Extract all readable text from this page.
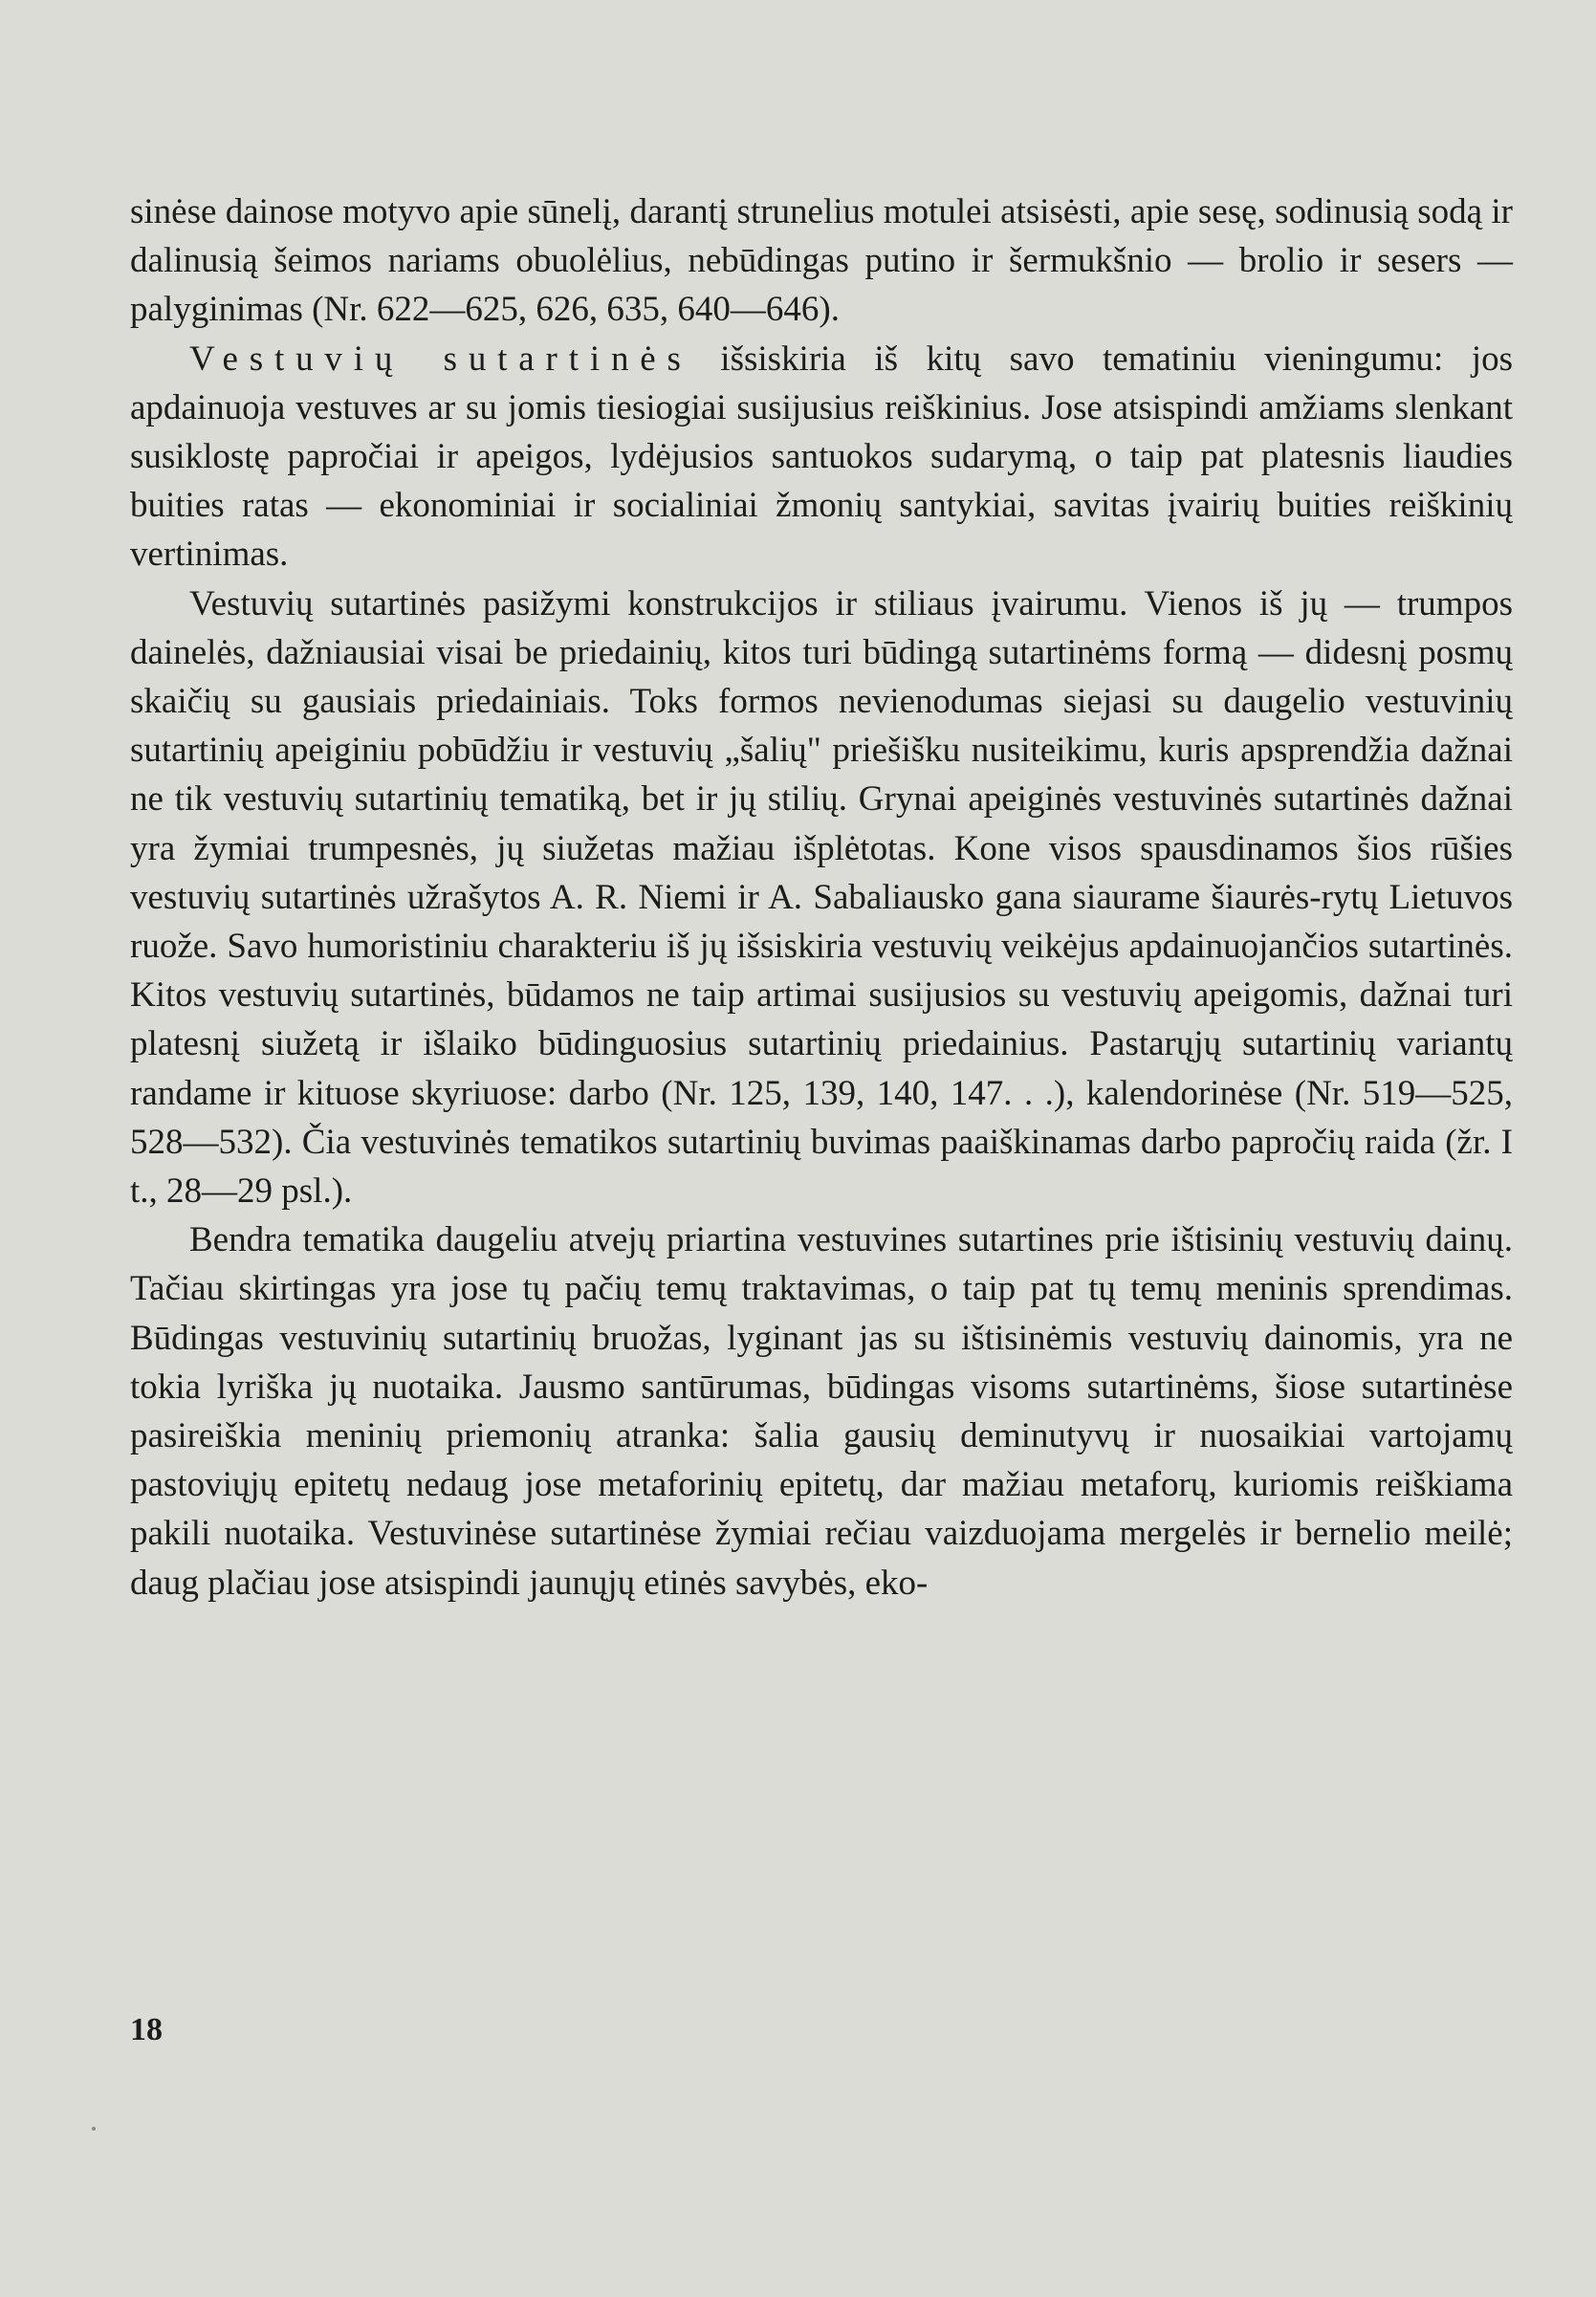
sinėse dainose motyvo apie sūnelį, darantį strunelius motulei atsisėsti, apie sesę, sodinusią sodą ir dalinusią šeimos nariams obuolėlius, nebūdingas putino ir šermukšnio — brolio ir sesers — palyginimas (Nr. 622—625, 626, 635, 640—646).

Vestuvių sutartinės išsiskiria iš kitų savo tematiniu vieningumu: jos apdainuoja vestuves ar su jomis tiesiogiai susijusius reiškinius. Jose atsispindi amžiams slenkant susiklostę papročiai ir apeigos, lydėjusios santuokos sudarymą, o taip pat platesnis liaudies buities ratas — ekonominiai ir socialiniai žmonių santykiai, savitas įvairių buities reiškinių vertinimas.

Vestuvių sutartinės pasižymi konstrukcijos ir stiliaus įvairumu. Vienos iš jų — trumpos dainelės, dažniausiai visai be priedainių, kitos turi būdingą sutartinėms formą — didesnį posmų skaičių su gausiais priedainiais. Toks formos nevienodumas siejasi su daugelio vestuvinių sutartinių apeiginiu pobūdžiu ir vestuvių „šalių" priešišku nusiteikimu, kuris apsprendžia dažnai ne tik vestuvių sutartinių tematiką, bet ir jų stilių. Grynai apeiginės vestuvinės sutartinės dažnai yra žymiai trumpesnės, jų siužetas mažiau išplėtotas. Kone visos spausdinamos šios rūšies vestuvių sutartinės užrašytos A. R. Niemi ir A. Sabaliausko gana siaurame šiaurės-rytų Lietuvos ruože. Savo humoristiniu charakteriu iš jų išsiskiria vestuvių veikėjus apdainuojančios sutartinės. Kitos vestuvių sutartinės, būdamos ne taip artimai susijusios su vestuvių apeigomis, dažnai turi platesnį siužetą ir išlaiko būdinguosius sutartinių priedainius. Pastarųjų sutartinių variantų randame ir kituose skyriuose: darbo (Nr. 125, 139, 140, 147. . .), kalendorinėse (Nr. 519—525, 528—532). Čia vestuvinės tematikos sutartinių buvimas paaiškinamas darbo papročių raida (žr. I t., 28—29 psl.).

Bendra tematika daugeliu atvejų priartina vestuvines sutartines prie ištisinių vestuvių dainų. Tačiau skirtingas yra jose tų pačių temų traktavimas, o taip pat tų temų meninis sprendimas. Būdingas vestuvinių sutartinių bruožas, lyginant jas su ištisinėmis vestuvių dainomis, yra ne tokia lyriška jų nuotaika. Jausmo santūrumas, būdingas visoms sutartinėms, šiose sutartinėse pasireiškia meninių priemonių atranka: šalia gausių deminutyvų ir nuosaikiai vartojamų pastoviųjų epitetų nedaug jose metaforinių epitetų, dar mažiau metaforų, kuriomis reiškiama pakili nuotaika. Vestuvinėse sutartinėse žymiai rečiau vaizduojama mergelės ir bernelio meilė; daug plačiau jose atsispindi jaunųjų etinės savybės, eko-

18
